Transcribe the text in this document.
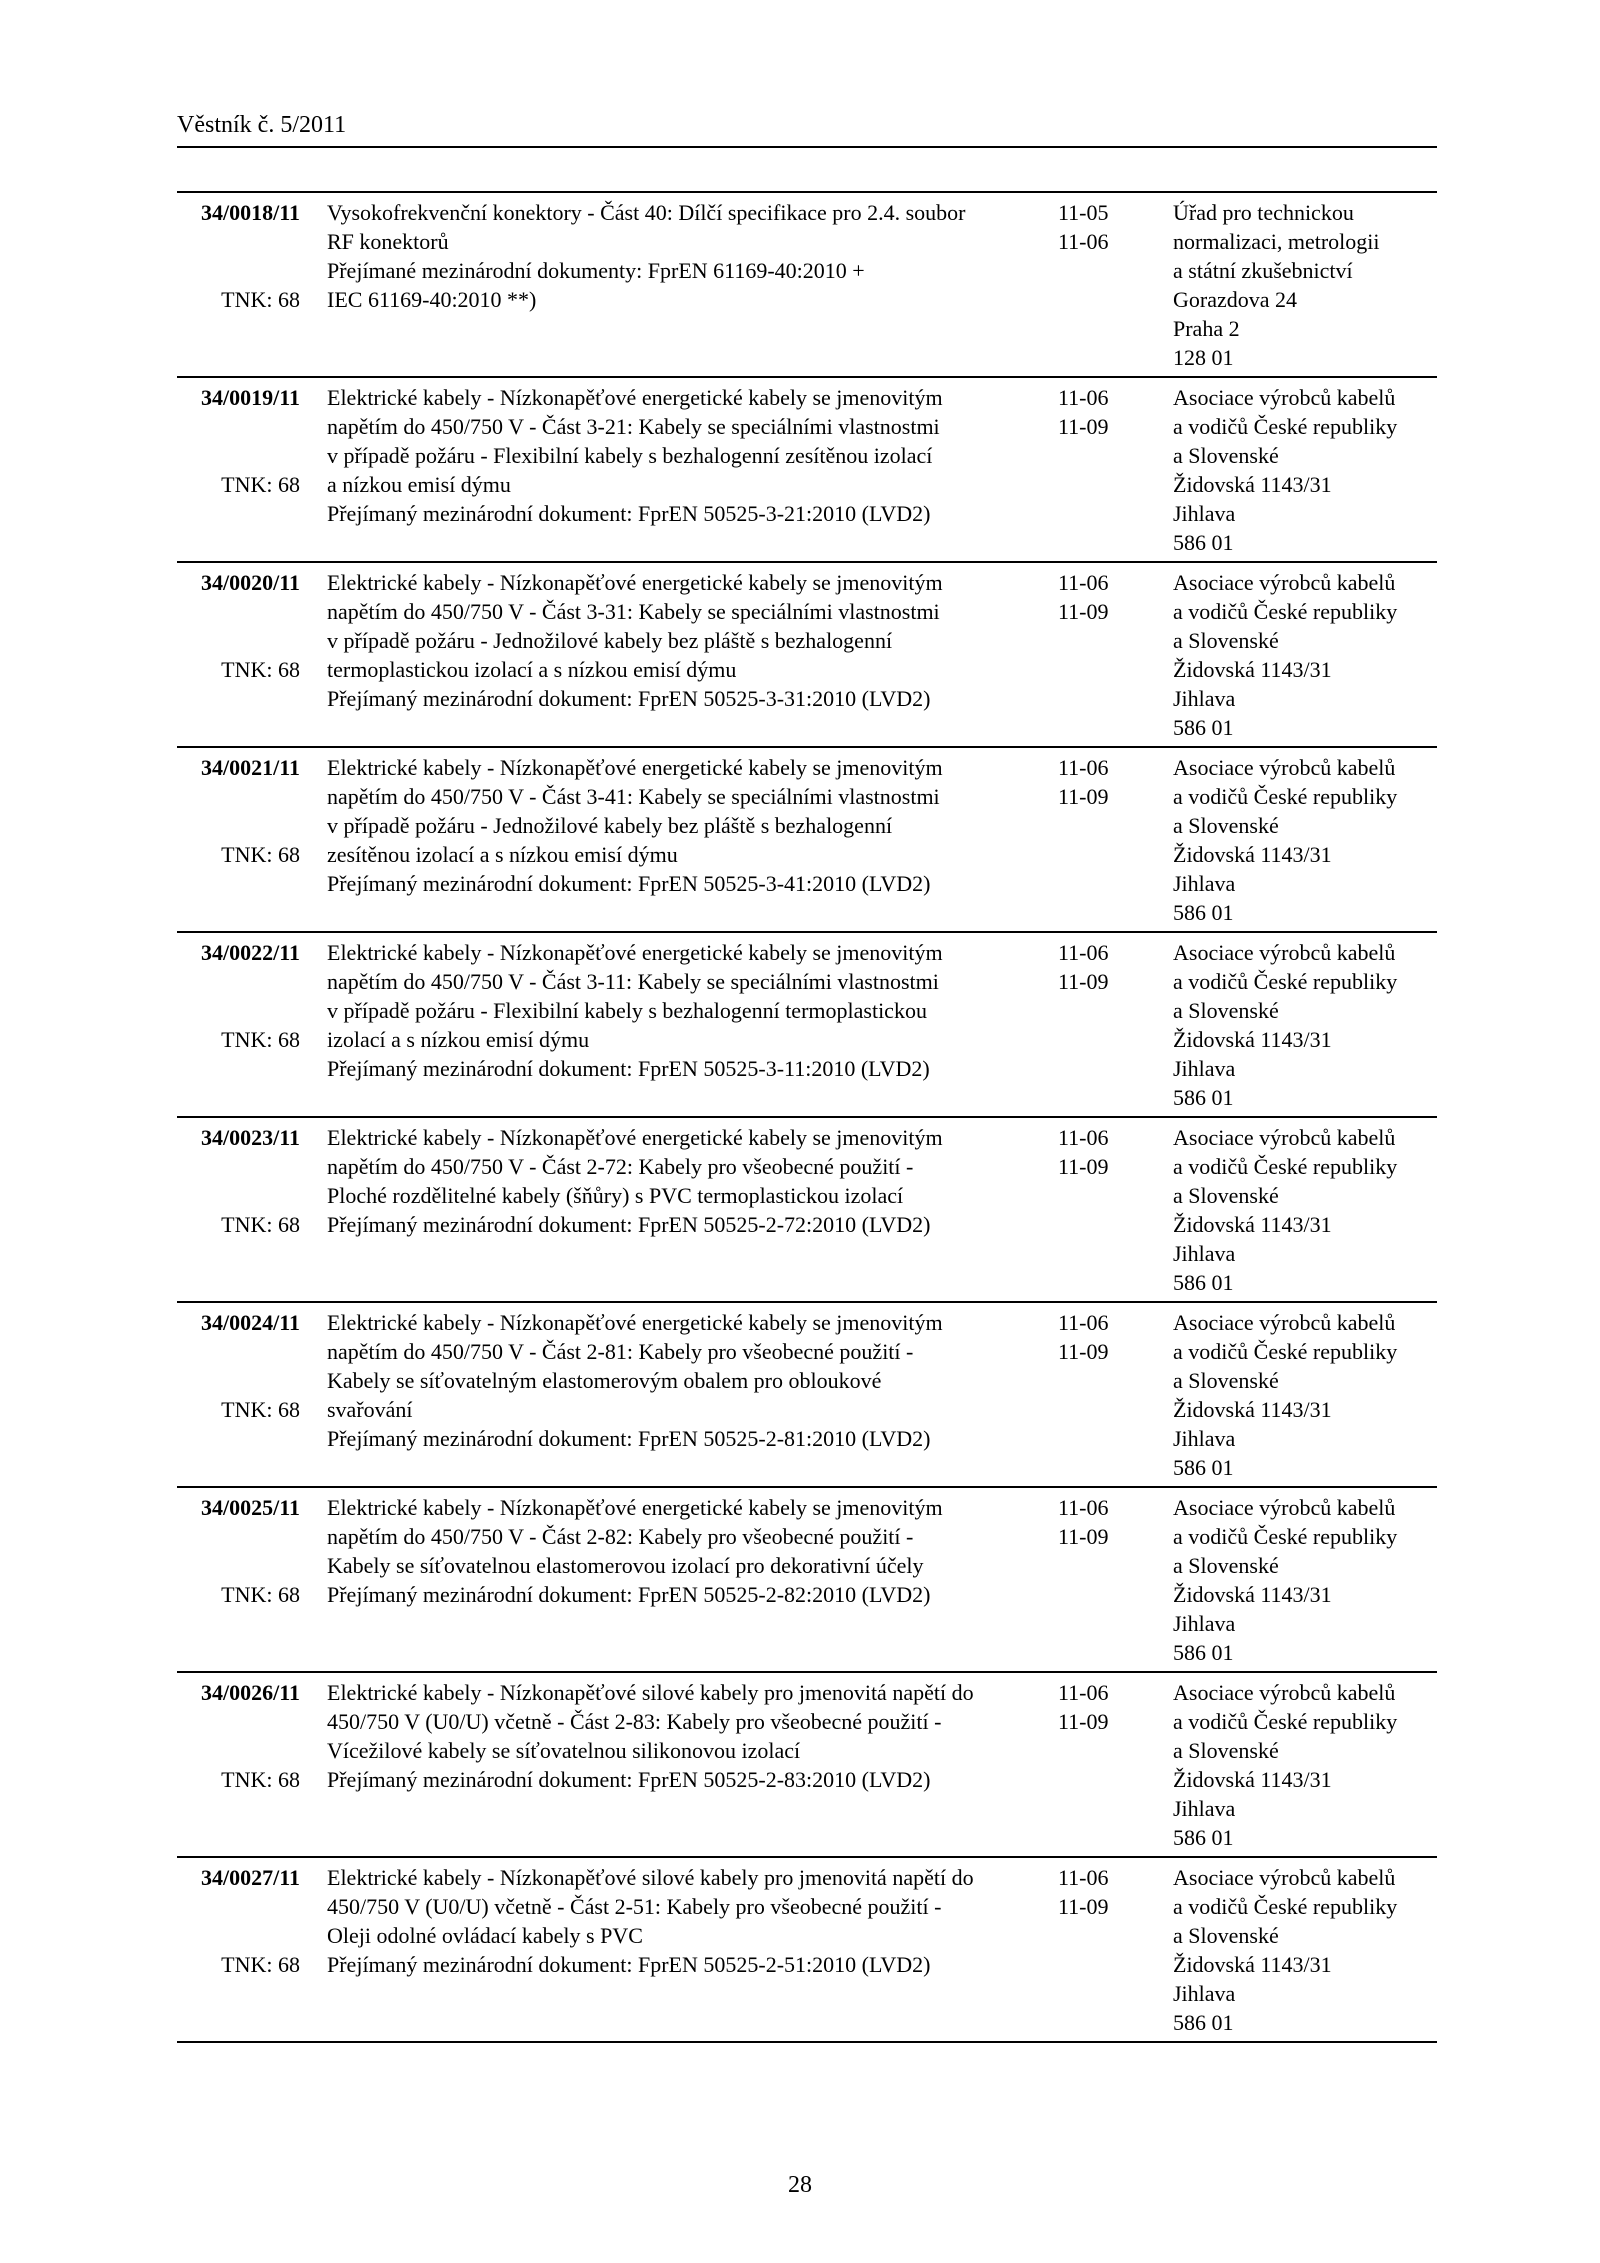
Věstník č. 5/2011
34/0018/11
TNK: 68
Vysokofrekvenční konektory - Část 40: Dílčí specifikace pro 2.4. soubor
RF konektorů
Přejímané mezinárodní dokumenty: FprEN 61169-40:2010 +
IEC 61169-40:2010 **)
11-05
11-06
Úřad pro technickou
normalizaci, metrologii
a státní zkušebnictví
Gorazdova 24
Praha 2
128 01
34/0019/11
TNK: 68
Elektrické kabely - Nízkonapěťové energetické kabely se jmenovitým
napětím do 450/750 V - Část 3-21: Kabely se speciálními vlastnostmi
v případě požáru - Flexibilní kabely s bezhalogenní zesítěnou izolací
a nízkou emisí dýmu
Přejímaný mezinárodní dokument: FprEN 50525-3-21:2010 (LVD2)
11-06
11-09
Asociace výrobců kabelů
a vodičů České republiky
a Slovenské
Židovská 1143/31
Jihlava
586 01
34/0020/11
TNK: 68
Elektrické kabely - Nízkonapěťové energetické kabely se jmenovitým
napětím do 450/750 V - Část 3-31: Kabely se speciálními vlastnostmi
v případě požáru - Jednožilové kabely bez pláště s bezhalogenní
termoplastickou izolací a s nízkou emisí dýmu
Přejímaný mezinárodní dokument: FprEN 50525-3-31:2010 (LVD2)
11-06
11-09
Asociace výrobců kabelů
a vodičů České republiky
a Slovenské
Židovská 1143/31
Jihlava
586 01
34/0021/11
TNK: 68
Elektrické kabely - Nízkonapěťové energetické kabely se jmenovitým
napětím do 450/750 V - Část 3-41: Kabely se speciálními vlastnostmi
v případě požáru - Jednožilové kabely bez pláště s bezhalogenní
zesítěnou izolací a s nízkou emisí dýmu
Přejímaný mezinárodní dokument: FprEN 50525-3-41:2010 (LVD2)
11-06
11-09
Asociace výrobců kabelů
a vodičů České republiky
a Slovenské
Židovská 1143/31
Jihlava
586 01
34/0022/11
TNK: 68
Elektrické kabely - Nízkonapěťové energetické kabely se jmenovitým
napětím do 450/750 V - Část 3-11: Kabely se speciálními vlastnostmi
v případě požáru - Flexibilní kabely s bezhalogenní termoplastickou
izolací a s nízkou emisí dýmu
Přejímaný mezinárodní dokument: FprEN 50525-3-11:2010 (LVD2)
11-06
11-09
Asociace výrobců kabelů
a vodičů České republiky
a Slovenské
Židovská 1143/31
Jihlava
586 01
34/0023/11
TNK: 68
Elektrické kabely - Nízkonapěťové energetické kabely se jmenovitým
napětím do 450/750 V - Část 2-72: Kabely pro všeobecné použití -
Ploché rozdělitelné kabely (šňůry) s PVC termoplastickou izolací
Přejímaný mezinárodní dokument: FprEN 50525-2-72:2010 (LVD2)
11-06
11-09
Asociace výrobců kabelů
a vodičů České republiky
a Slovenské
Židovská 1143/31
Jihlava
586 01
34/0024/11
TNK: 68
Elektrické kabely - Nízkonapěťové energetické kabely se jmenovitým
napětím do 450/750 V - Část 2-81: Kabely pro všeobecné použití -
Kabely se síťovatelným elastomerovým obalem pro obloukové
svařování
Přejímaný mezinárodní dokument: FprEN 50525-2-81:2010 (LVD2)
11-06
11-09
Asociace výrobců kabelů
a vodičů České republiky
a Slovenské
Židovská 1143/31
Jihlava
586 01
34/0025/11
TNK: 68
Elektrické kabely - Nízkonapěťové energetické kabely se jmenovitým
napětím do 450/750 V - Část 2-82: Kabely pro všeobecné použití -
Kabely se síťovatelnou elastomerovou izolací pro dekorativní účely
Přejímaný mezinárodní dokument: FprEN 50525-2-82:2010 (LVD2)
11-06
11-09
Asociace výrobců kabelů
a vodičů České republiky
a Slovenské
Židovská 1143/31
Jihlava
586 01
34/0026/11
TNK: 68
Elektrické kabely - Nízkonapěťové silové kabely pro jmenovitá napětí do
450/750 V (U0/U) včetně - Část 2-83: Kabely pro všeobecné použití -
Vícežilové kabely se síťovatelnou silikonovou izolací
Přejímaný mezinárodní dokument: FprEN 50525-2-83:2010 (LVD2)
11-06
11-09
Asociace výrobců kabelů
a vodičů České republiky
a Slovenské
Židovská 1143/31
Jihlava
586 01
34/0027/11
TNK: 68
Elektrické kabely - Nízkonapěťové silové kabely pro jmenovitá napětí do
450/750 V (U0/U) včetně - Část 2-51: Kabely pro všeobecné použití -
Oleji odolné ovládací kabely s PVC
Přejímaný mezinárodní dokument: FprEN 50525-2-51:2010 (LVD2)
11-06
11-09
Asociace výrobců kabelů
a vodičů České republiky
a Slovenské
Židovská 1143/31
Jihlava
586 01
28
